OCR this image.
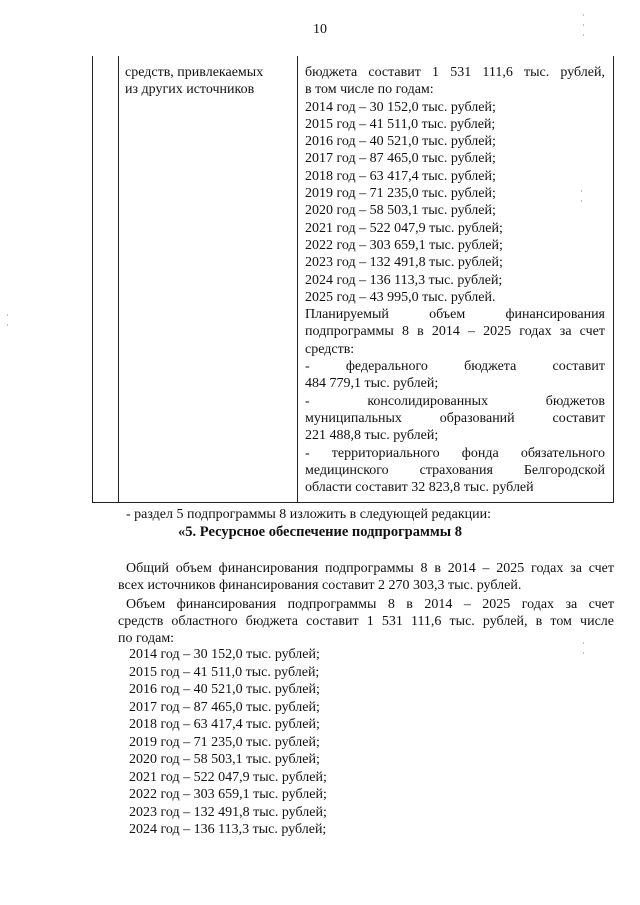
10
·
·
·
·
·
·
·
·
·

средств, привлекаемых

из других источников

бюджета составит 1 531 111,6 тыс. рублей,

в том числе по годам:

2014 год – 30 152,0 тыс. рублей;
2015 год – 41 511,0 тыс. рублей;
2016 год – 40 521,0 тыс. рублей;
2017 год – 87 465,0 тыс. рублей;
2018 год – 63 417,4 тыс. рублей;
2019 год – 71 235,0 тыс. рублей;
2020 год – 58 503,1 тыс. рублей;
2021 год – 522 047,9 тыс. рублей;
2022 год – 303 659,1 тыс. рублей;
2023 год – 132 491,8 тыс. рублей;
2024 год – 136 113,3 тыс. рублей;
2025 год – 43 995,0 тыс. рублей.

Планируемый объем финансирования

подпрограммы 8 в 2014 – 2025 годах за счет

средств:

- федерального бюджета составит

484 779,1 тыс. рублей;

- консолидированных бюджетов

муниципальных образований составит

221 488,8 тыс. рублей;

- территориального фонда обязательного

медицинского страхования Белгородской

области составит 32 823,8 тыс. рублей

- раздел 5 подпрограммы 8 изложить в следующей редакции:
«5. Ресурсное обеспечение подпрограммы 8

Общий объем финансирования подпрограммы 8 в 2014 – 2025 годах за счет

всех источников финансирования составит 2 270 303,3 тыс. рублей.

Объем финансирования подпрограммы 8 в 2014 – 2025 годах за счет

средств областного бюджета составит 1 531 111,6 тыс. рублей, в том числе

по годам:

2014 год – 30 152,0 тыс. рублей;
2015 год – 41 511,0 тыс. рублей;
2016 год – 40 521,0 тыс. рублей;
2017 год – 87 465,0 тыс. рублей;
2018 год – 63 417,4 тыс. рублей;
2019 год – 71 235,0 тыс. рублей;
2020 год – 58 503,1 тыс. рублей;
2021 год – 522 047,9 тыс. рублей;
2022 год – 303 659,1 тыс. рублей;
2023 год – 132 491,8 тыс. рублей;
2024 год – 136 113,3 тыс. рублей;
